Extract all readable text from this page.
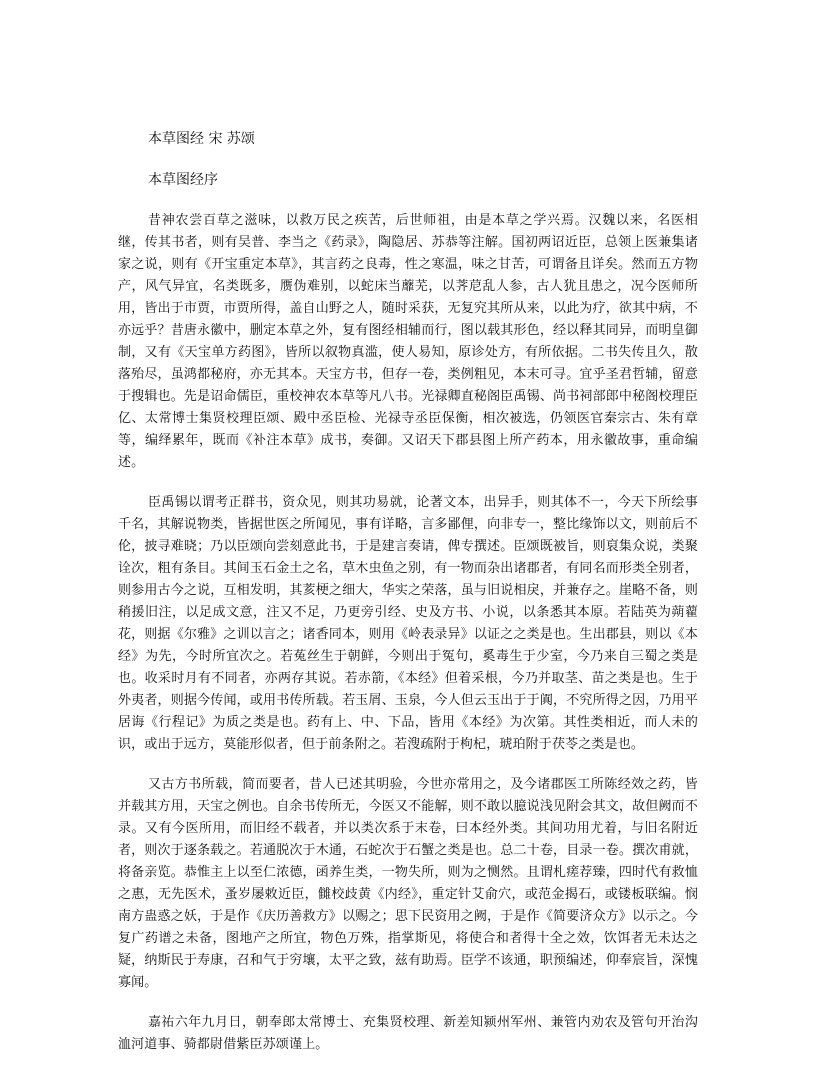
本草图经 宋 苏颂
本草图经序

昔神农尝百草之滋味，以救万民之疾苦，后世师祖，由是本草之学兴焉。汉魏以来，名医相继，传其书者，则有吴普、李当之《药录》，陶隐居、苏恭等注解。国初两诏近臣，总领上医兼集诸家之说，则有《开宝重定本草》，其言药之良毒，性之寒温，味之甘苦，可谓备且详矣。然而五方物产，风气异宜，名类既多，赝伪难别，以蛇床当蘼芜，以荠苨乱人参，古人犹且患之，况今医师所用，皆出于市贾，市贾所得，盖自山野之人，随时采获，无复究其所从来，以此为疗，欲其中病，不亦远乎？昔唐永徽中，删定本草之外，复有图经相辅而行，图以载其形色，经以释其同异，而明皇御制，又有《天宝单方药图》，皆所以叙物真滥，使人易知，原诊处方，有所依据。二书失传且久，散落殆尽，虽鸿都秘府，亦无其本。天宝方书，但存一卷，类例粗见，本末可寻。宜乎圣君哲辅，留意于搜辑也。先是诏命儒臣，重校神农本草等凡八书。光禄卿直秘阁臣禹锡、尚书祠部郎中秘阁校理臣亿、太常博士集贤校理臣颂、殿中丞臣检、光禄寺丞臣保衡，相次被选，仍领医官秦宗古、朱有章等，编绎累年，既而《补注本草》成书，奏御。又诏天下郡县图上所产药本，用永徽故事，重命编述。

臣禹锡以谓考正群书，资众见，则其功易就，论著文本，出异手，则其体不一，今天下所绘事千名，其解说物类，皆据世医之所闻见，事有详略，言多鄙俚，向非专一，整比缘饰以文，则前后不伦，披寻难晓；乃以臣颂向尝刻意此书，于是建言奏请，俾专撰述。臣颂既被旨，则裒集众说，类聚诠次，粗有条目。其间玉石金土之名，草木虫鱼之别，有一物而杂出诸郡者，有同名而形类全别者，则参用古今之说，互相发明，其荄梗之细大，华实之荣落，虽与旧说相戾，并兼存之。崖略不备，则稍援旧注，以足成文意，注又不足，乃更旁引经、史及方书、小说，以条悉其本原。若陆英为蒴藋花，则据《尔雅》之训以言之；诸香同本，则用《岭表录异》以证之之类是也。生出郡县，则以《本经》为先，今时所宜次之。若菟丝生于朝鲜，今则出于冤句，奚毒生于少室，今乃来自三蜀之类是也。收采时月有不同者，亦两存其说。若赤箭，《本经》但着采根，今乃并取茎、苗之类是也。生于外夷者，则据今传闻，或用书传所载。若玉屑、玉泉，今人但云玉出于于阗，不究所得之因，乃用平居诲《行程记》为质之类是也。药有上、中、下品，皆用《本经》为次第。其性类相近，而人未的识，或出于远方，莫能形似者，但于前条附之。若溲疏附于枸杞，琥珀附于茯苓之类是也。

又古方书所载，简而要者，昔人已述其明验，今世亦常用之，及今诸郡医工所陈经效之药，皆并载其方用，天宝之例也。自余书传所无，今医又不能解，则不敢以臆说浅见附会其文，故但阙而不录。又有今医所用，而旧经不载者，并以类次系于末卷，曰本经外类。其间功用尤着，与旧名附近者，则次于逐条载之。若通脱次于木通，石蛇次于石蟹之类是也。总二十卷，目录一卷。撰次甫就，将备亲览。恭惟主上以至仁浓德，函养生类，一物失所，则为之恻然。且谓札瘥荐臻，四时代有救恤之惠，无先医术，蚤岁屡敕近臣，雠校歧黄《内经》，重定针艾俞穴，或范金揭石，或镂板联编。悯南方蛊惑之妖，于是作《庆历善救方》以赐之；思下民资用之阙，于是作《简要济众方》以示之。今复广药谱之未备，图地产之所宜，物色万殊，指掌斯见，将使合和者得十全之效，饮饵者无未达之疑，纳斯民于寿康，召和气于穷壤，太平之致，兹有助焉。臣学不该通，职预编述，仰奉宸旨，深愧寡闻。

嘉祐六年九月日，朝奉郎太常博士、充集贤校理、新差知颍州军州、兼管内劝农及管句开治沟洫河道事、骑都尉借紫臣苏颂谨上。
